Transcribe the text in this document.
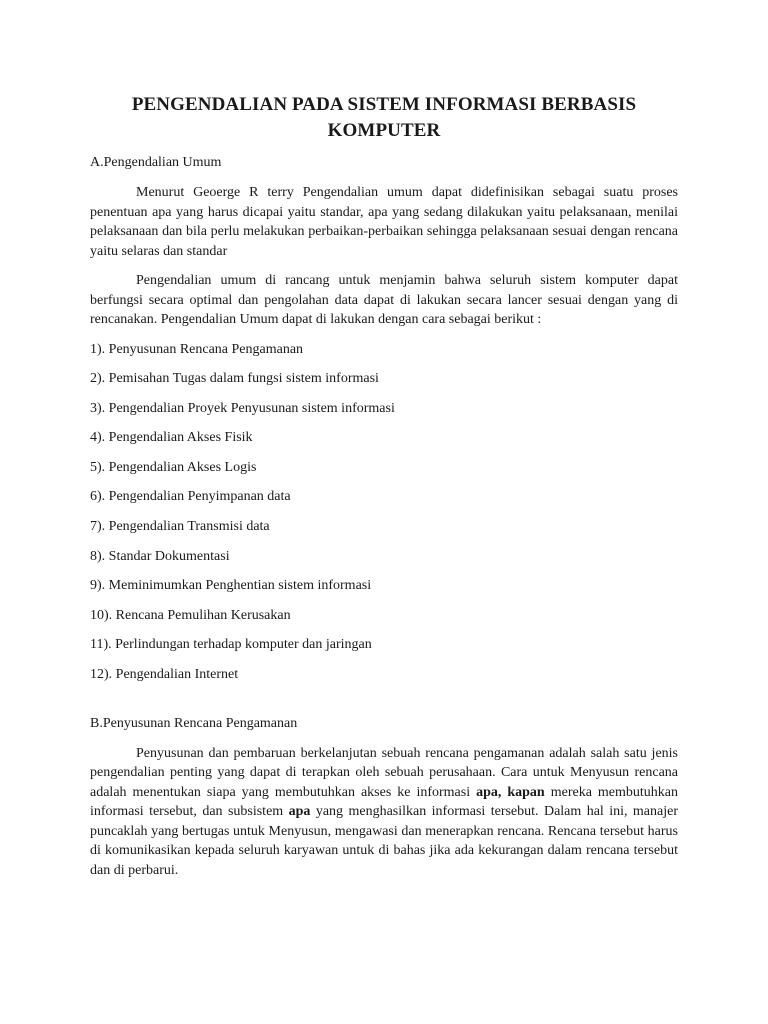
PENGENDALIAN PADA SISTEM INFORMASI BERBASIS
KOMPUTER
A.Pengendalian Umum

Menurut Geoerge R terry Pengendalian umum dapat didefinisikan sebagai suatu proses penentuan apa yang harus dicapai yaitu standar, apa yang sedang dilakukan yaitu pelaksanaan, menilai pelaksanaan dan bila perlu melakukan perbaikan-perbaikan sehingga pelaksanaan sesuai dengan rencana yaitu selaras dan standar

Pengendalian umum di rancang untuk menjamin bahwa seluruh sistem komputer dapat berfungsi secara optimal dan pengolahan data dapat di lakukan secara lancer sesuai dengan yang di rencanakan. Pengendalian Umum dapat di lakukan dengan cara sebagai berikut :

1). Penyusunan Rencana Pengamanan
2). Pemisahan Tugas dalam fungsi sistem informasi
3). Pengendalian Proyek Penyusunan sistem informasi
4). Pengendalian Akses Fisik
5). Pengendalian Akses Logis
6). Pengendalian Penyimpanan data
7). Pengendalian Transmisi data
8). Standar Dokumentasi
9). Meminimumkan Penghentian sistem informasi
10). Rencana Pemulihan Kerusakan
11). Perlindungan terhadap komputer dan jaringan
12). Pengendalian Internet
B.Penyusunan Rencana Pengamanan

Penyusunan dan pembaruan berkelanjutan sebuah rencana pengamanan adalah salah satu jenis pengendalian penting yang dapat di terapkan oleh sebuah perusahaan. Cara untuk Menyusun rencana adalah menentukan siapa yang membutuhkan akses ke informasi apa, kapan mereka membutuhkan informasi tersebut, dan subsistem apa yang menghasilkan informasi tersebut. Dalam hal ini, manajer puncaklah yang bertugas untuk Menyusun, mengawasi dan menerapkan rencana. Rencana tersebut harus di komunikasikan kepada seluruh karyawan untuk di bahas jika ada kekurangan dalam rencana tersebut dan di perbarui.
